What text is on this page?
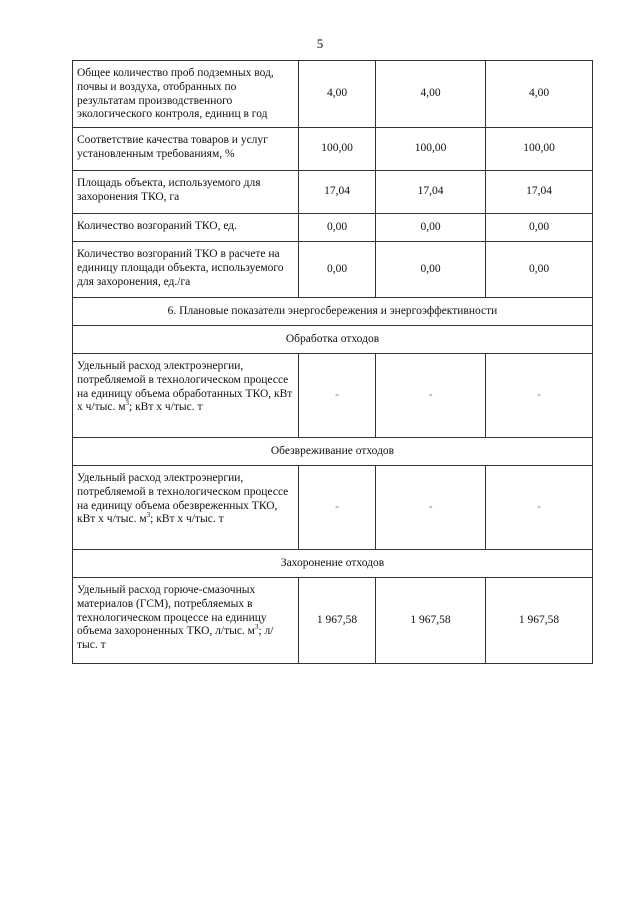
5
Общее количество проб подземных вод, почвы и воздуха, отобранных по результатам производственного экологического контроля, единиц в год	4,00	4,00	4,00
Соответствие качества товаров и услуг установленным требованиям, %	100,00	100,00	100,00
Площадь объекта, используемого для захоронения ТКО, га	17,04	17,04	17,04
Количество возгораний ТКО, ед.	0,00	0,00	0,00
Количество возгораний ТКО в расчете на единицу площади объекта, используемого для захоронения, ед./га	0,00	0,00	0,00
6. Плановые показатели энергосбережения и энергоэффективности			
Обработка отходов			
Удельный расход электроэнергии, потребляемой в технологическом процессе на единицу объема обработанных ТКО, кВт х ч/тыс. $м^3$; кВт х ч/тыс. т	-	-	-
Обезвреживание отходов			
Удельный расход электроэнергии, потребляемой в технологическом процессе на единицу объема обезвреженных ТКО, кВт х ч/тыс. $м^3$; кВт х ч/тыс. т	-	-	-
Захоронение отходов			
Удельный расход горюче-смазочных материалов (ГСМ), потребляемых в технологическом процессе на единицу объема захороненных ТКО, л/тыс. $м^3$; л/тыс. т	1 967,58	1 967,58	1 967,58
